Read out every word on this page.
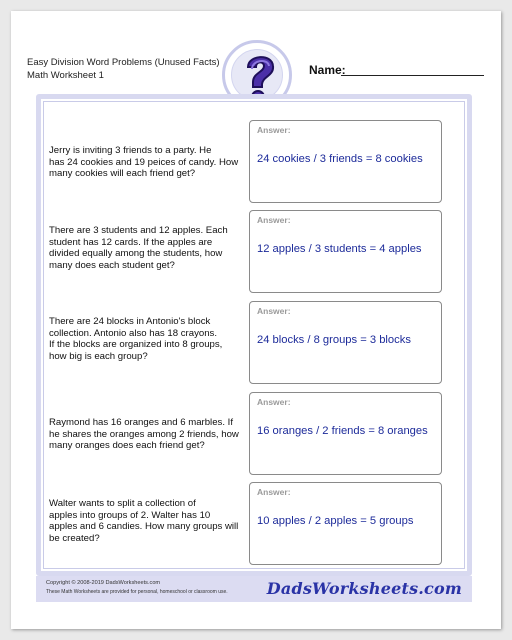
Easy Division Word Problems (Unused Facts)
Math Worksheet 1	Name:
Jerry is inviting 3 friends to a party. He
has 24 cookies and 19 peices of candy. How
many cookies will each friend get?
Answer:
24 cookies / 3 friends = 8 cookies
There are 3 students and 12 apples. Each
student has 12 cards. If the apples are
divided equally among the students, how
many does each student get?
Answer:
12 apples / 3 students = 4 apples
There are 24 blocks in Antonio's block
collection. Antonio also has 18 crayons.
If the blocks are organized into 8 groups,
how big is each group?
Answer:
24 blocks / 8 groups = 3 blocks
Raymond has 16 oranges and 6 marbles. If
he shares the oranges among 2 friends, how
many oranges does each friend get?
Answer:
16 oranges / 2 friends = 8 oranges
Walter wants to split a collection of
apples into groups of 2. Walter has 10
apples and 6 candies. How many groups will
be created?
Answer:
10 apples / 2 apples = 5 groups
Copyright © 2008-2019 DadsWorksheets.com
These Math Worksheets are provided for personal, homeschool or classroom use. DadsWorksheets.com
